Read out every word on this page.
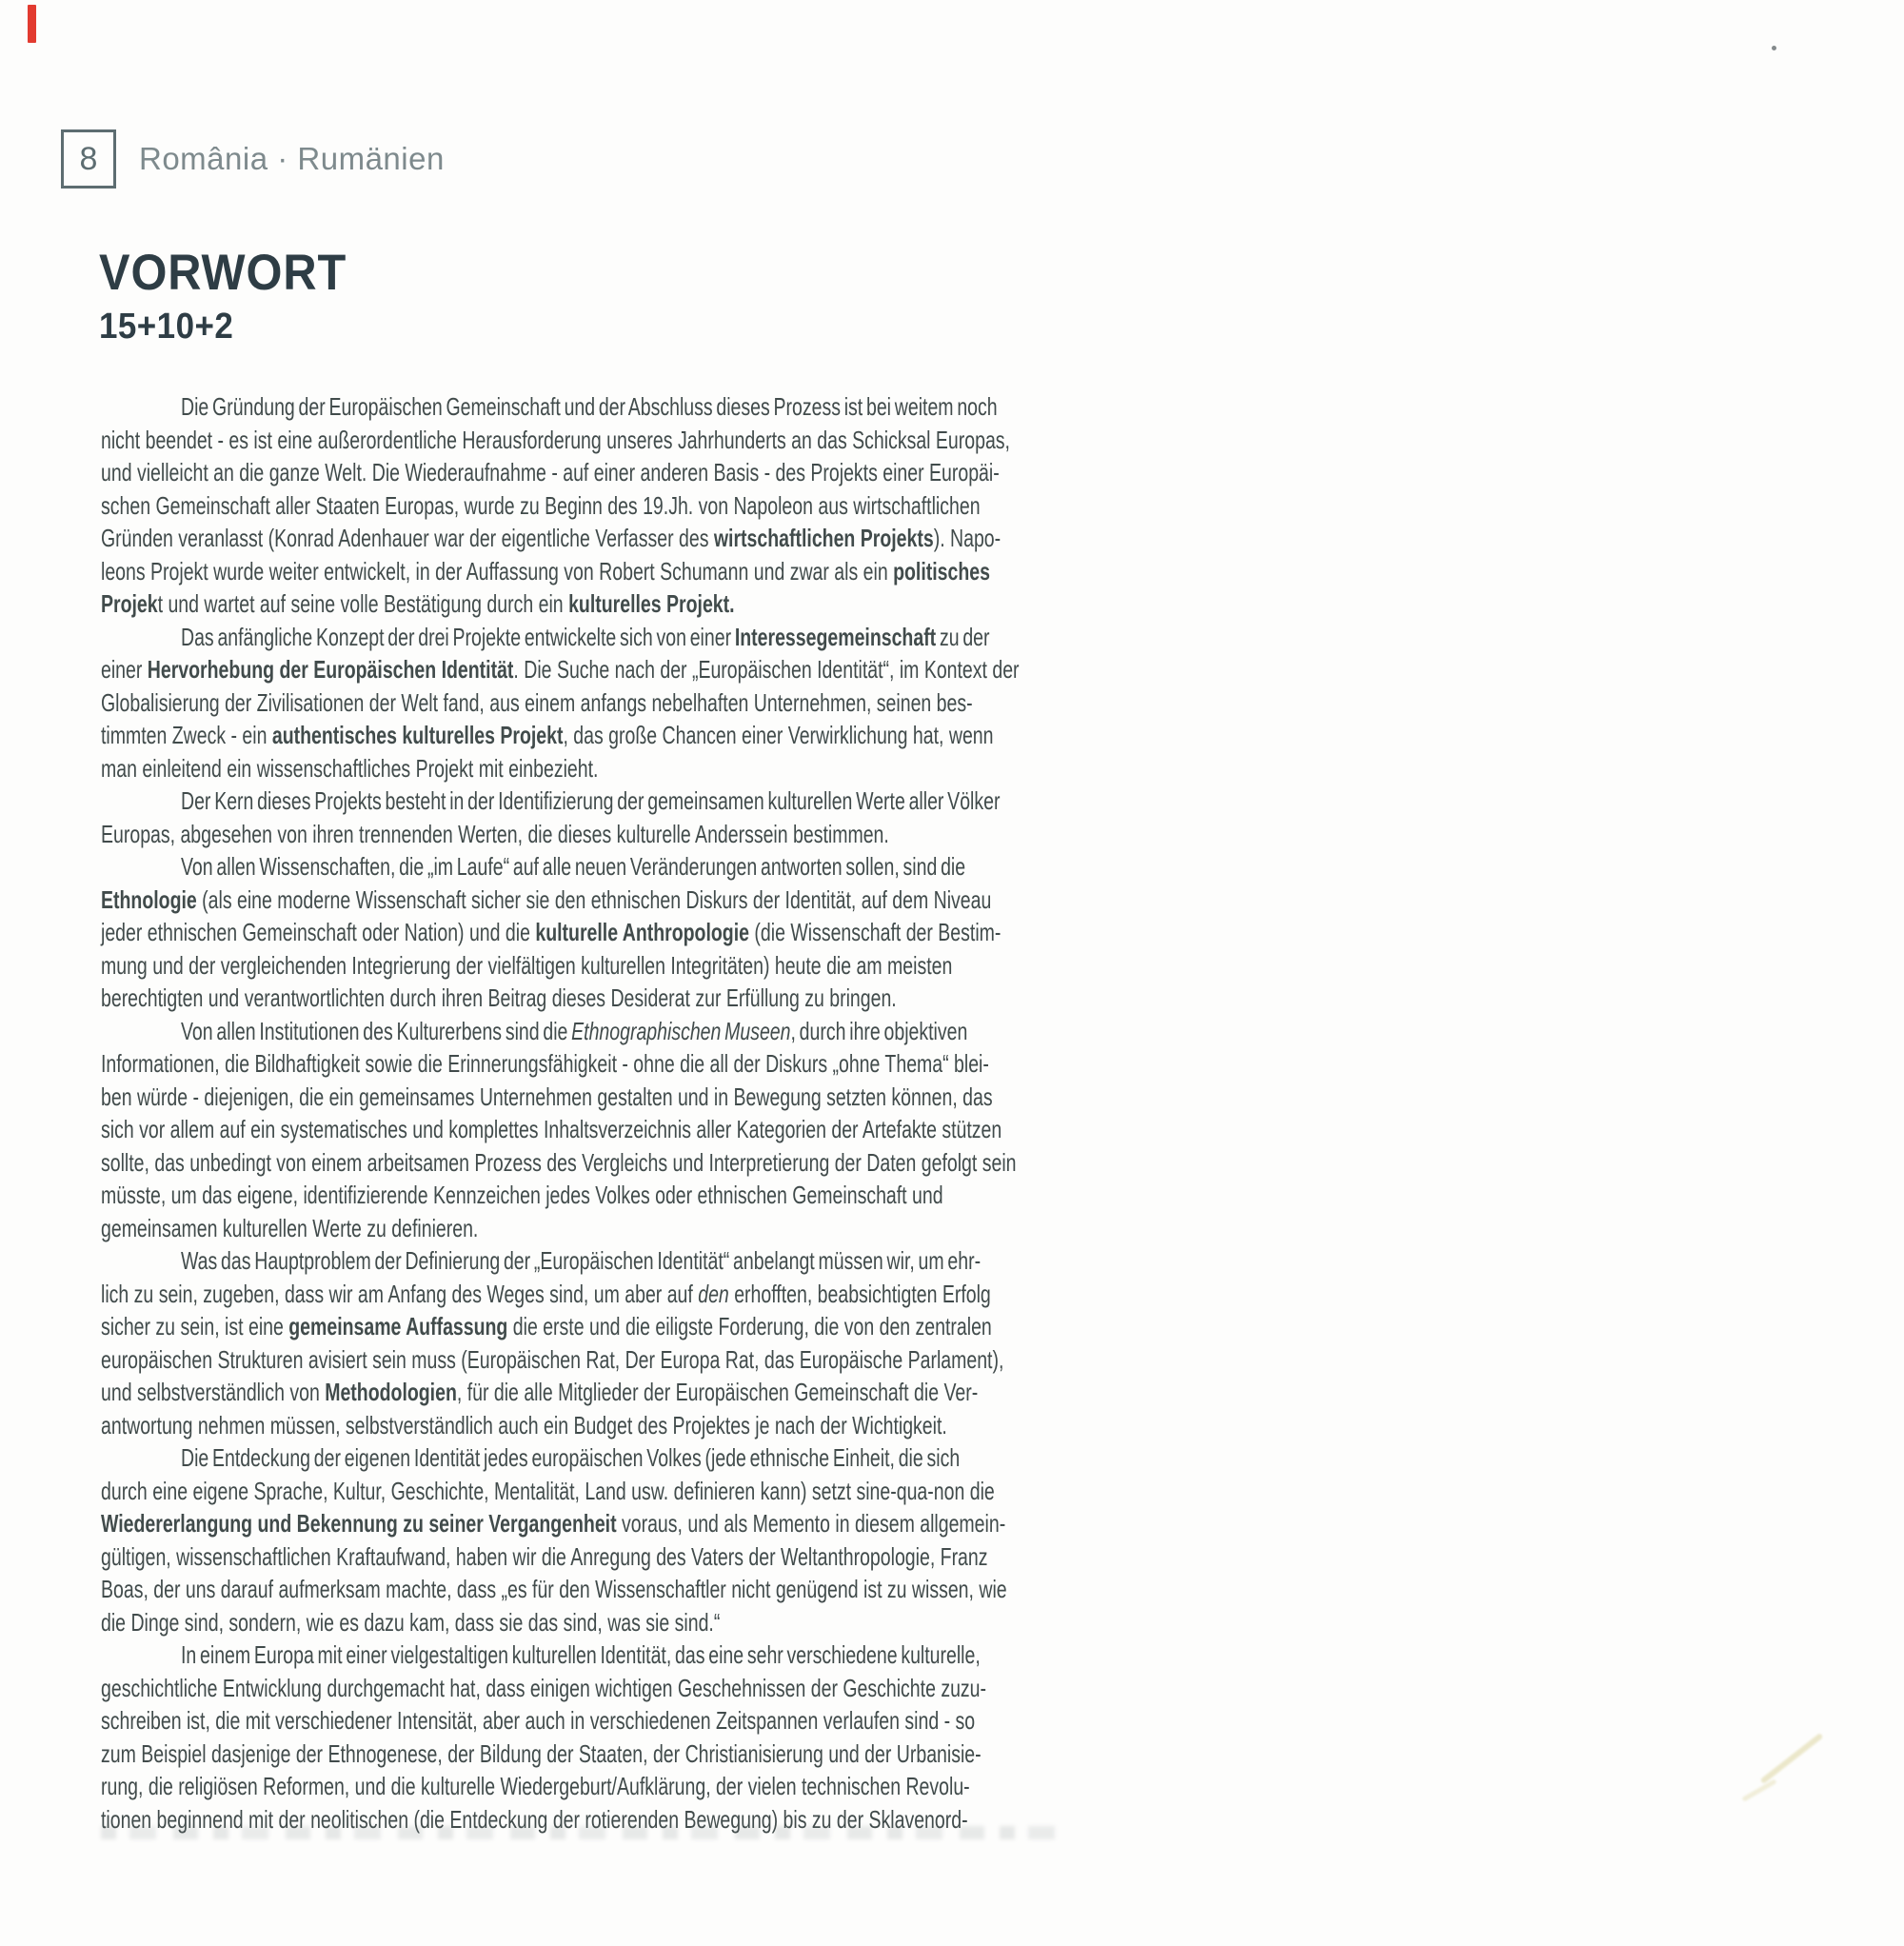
8 România · Rumänien
VORWORT
15+10+2
Die Gründung der Europäischen Gemeinschaft und der Abschluss dieses Prozess ist bei weitem noch
nicht beendet - es ist eine außerordentliche Herausforderung unseres Jahrhunderts an das Schicksal Europas,
und vielleicht an die ganze Welt. Die Wiederaufnahme - auf einer anderen Basis - des Projekts einer Europäi-
schen Gemeinschaft aller Staaten Europas, wurde zu Beginn des 19.Jh. von Napoleon aus wirtschaftlichen
Gründen veranlasst (Konrad Adenhauer war der eigentliche Verfasser des wirtschaftlichen Projekts). Napo-
leons Projekt wurde weiter entwickelt, in der Auffassung von Robert Schumann und zwar als ein politisches
Projekt und wartet auf seine volle Bestätigung durch ein kulturelles Projekt.
Das anfängliche Konzept der drei Projekte entwickelte sich von einer Interessegemeinschaft zu der
einer Hervorhebung der Europäischen Identität. Die Suche nach der „Europäischen Identität“, im Kontext der
Globalisierung der Zivilisationen der Welt fand, aus einem anfangs nebelhaften Unternehmen, seinen bes-
timmten Zweck - ein authentisches kulturelles Projekt, das große Chancen einer Verwirklichung hat, wenn
man einleitend ein wissenschaftliches Projekt mit einbezieht.
Der Kern dieses Projekts besteht in der Identifizierung der gemeinsamen kulturellen Werte aller Völker
Europas, abgesehen von ihren trennenden Werten, die dieses kulturelle Anderssein bestimmen.
Von allen Wissenschaften, die „im Laufe“ auf alle neuen Veränderungen antworten sollen, sind die
Ethnologie (als eine moderne Wissenschaft sicher sie den ethnischen Diskurs der Identität, auf dem Niveau
jeder ethnischen Gemeinschaft oder Nation) und die kulturelle Anthropologie (die Wissenschaft der Bestim-
mung und der vergleichenden Integrierung der vielfältigen kulturellen Integritäten) heute die am meisten
berechtigten und verantwortlichten durch ihren Beitrag dieses Desiderat zur Erfüllung zu bringen.
Von allen Institutionen des Kulturerbens sind die Ethnographischen Museen, durch ihre objektiven
Informationen, die Bildhaftigkeit sowie die Erinnerungsfähigkeit - ohne die all der Diskurs „ohne Thema“ blei-
ben würde - diejenigen, die ein gemeinsames Unternehmen gestalten und in Bewegung setzten können, das
sich vor allem auf ein systematisches und komplettes Inhaltsverzeichnis aller Kategorien der Artefakte stützen
sollte, das unbedingt von einem arbeitsamen Prozess des Vergleichs und Interpretierung der Daten gefolgt sein
müsste, um das eigene, identifizierende Kennzeichen jedes Volkes oder ethnischen Gemeinschaft und
gemeinsamen kulturellen Werte zu definieren.
Was das Hauptproblem der Definierung der „Europäischen Identität“ anbelangt müssen wir, um ehr-
lich zu sein, zugeben, dass wir am Anfang des Weges sind, um aber auf den erhofften, beabsichtigten Erfolg
sicher zu sein, ist eine gemeinsame Auffassung die erste und die eiligste Forderung, die von den zentralen
europäischen Strukturen avisiert sein muss (Europäischen Rat, Der Europa Rat, das Europäische Parlament),
und selbstverständlich von Methodologien, für die alle Mitglieder der Europäischen Gemeinschaft die Ver-
antwortung nehmen müssen, selbstverständlich auch ein Budget des Projektes je nach der Wichtigkeit.
Die Entdeckung der eigenen Identität jedes europäischen Volkes (jede ethnische Einheit, die sich
durch eine eigene Sprache, Kultur, Geschichte, Mentalität, Land usw. definieren kann) setzt sine-qua-non die
Wiedererlangung und Bekennung zu seiner Vergangenheit voraus, und als Memento in diesem allgemein-
gültigen, wissenschaftlichen Kraftaufwand, haben wir die Anregung des Vaters der Weltanthropologie, Franz
Boas, der uns darauf aufmerksam machte, dass „es für den Wissenschaftler nicht genügend ist zu wissen, wie
die Dinge sind, sondern, wie es dazu kam, dass sie das sind, was sie sind.“
In einem Europa mit einer vielgestaltigen kulturellen Identität, das eine sehr verschiedene kulturelle,
geschichtliche Entwicklung durchgemacht hat, dass einigen wichtigen Geschehnissen der Geschichte zuzu-
schreiben ist, die mit verschiedener Intensität, aber auch in verschiedenen Zeitspannen verlaufen sind - so
zum Beispiel dasjenige der Ethnogenese, der Bildung der Staaten, der Christianisierung und der Urbanisie-
rung, die religiösen Reformen, und die kulturelle Wiedergeburt/Aufklärung, der vielen technischen Revolu-
tionen beginnend mit der neolitischen (die Entdeckung der rotierenden Bewegung) bis zu der Sklavenord-
